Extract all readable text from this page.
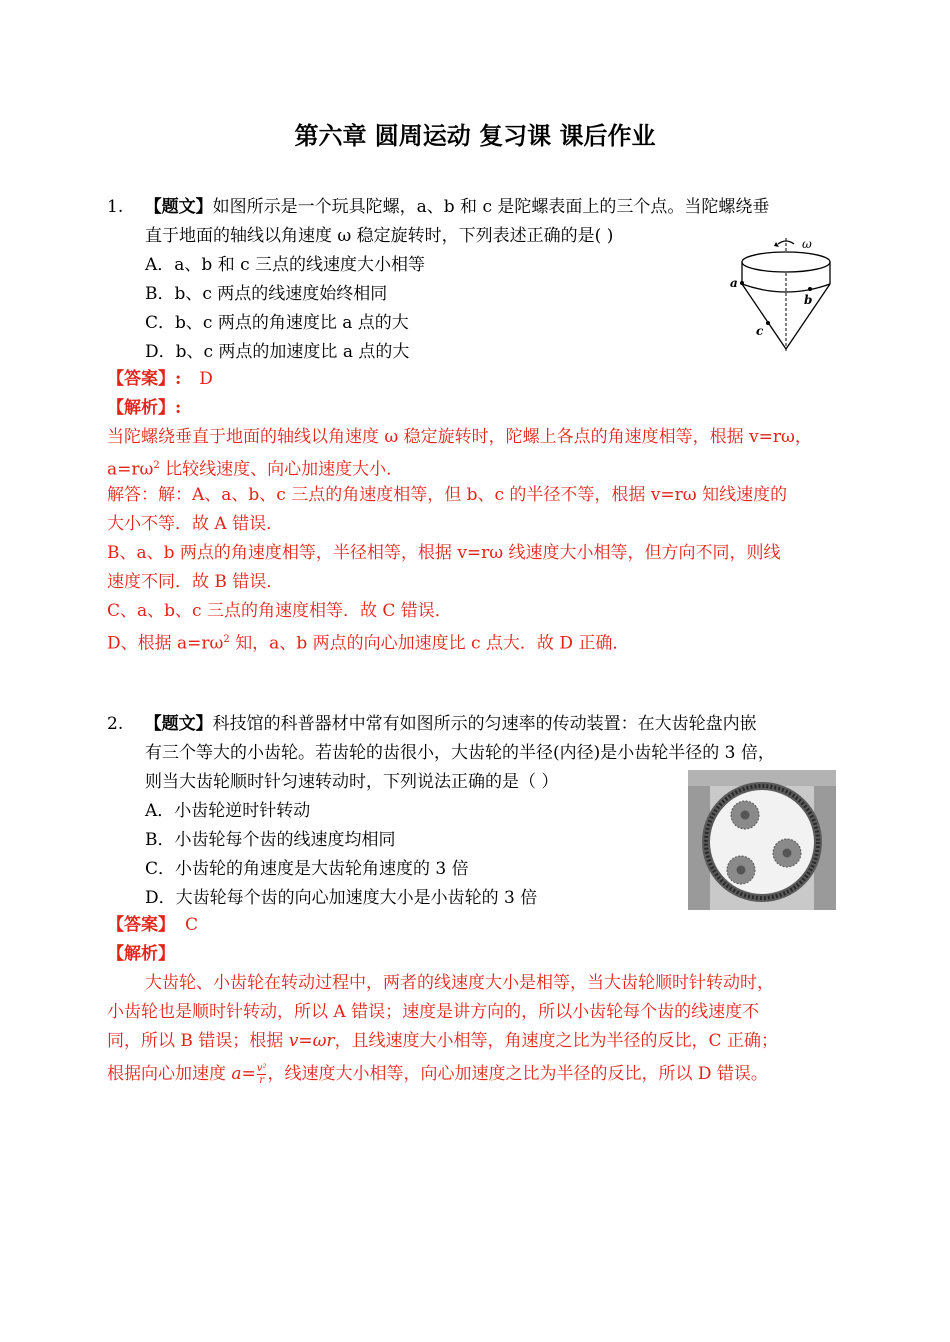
第六章 圆周运动 复习课 课后作业
1. 【题文】如图所示是一个玩具陀螺，a、b 和 c 是陀螺表面上的三个点。当陀螺绕垂
直于地面的轴线以角速度 ω 稳定旋转时，下列表述正确的是( )
A．a、b 和 c 三点的线速度大小相等
B．b、c 两点的线速度始终相同
C．b、c 两点的角速度比 a 点的大
D．b、c 两点的加速度比 a 点的大
ω
a
b
c
【答案】: D
【解析】:
当陀螺绕垂直于地面的轴线以角速度 ω 稳定旋转时，陀螺上各点的角速度相等，根据 v=rω，
$a=r\omega^2$ 比较线速度、向心加速度大小．
解答：解：A、a、b、c 三点的角速度相等，但 b、c 的半径不等，根据 v=rω 知线速度的
大小不等．故 A 错误．
B、a、b 两点的角速度相等，半径相等，根据 v=rω 线速度大小相等，但方向不同，则线
速度不同．故 B 错误．
C、a、b、c 三点的角速度相等．故 C 错误．
D、根据 $a=r\omega^2$ 知，a、b 两点的向心加速度比 c 点大．故 D 正确．
2. 【题文】科技馆的科普器材中常有如图所示的匀速率的传动装置：在大齿轮盘内嵌
有三个等大的小齿轮。若齿轮的齿很小，大齿轮的半径(内径)是小齿轮半径的 3 倍，
则当大齿轮顺时针匀速转动时，下列说法正确的是（ ）
A．小齿轮逆时针转动
B．小齿轮每个齿的线速度均相同
C．小齿轮的角速度是大齿轮角速度的 3 倍
D．大齿轮每个齿的向心加速度大小是小齿轮的 3 倍
【答案】 C
【解析】
大齿轮、小齿轮在转动过程中，两者的线速度大小是相等，当大齿轮顺时针转动时，
小齿轮也是顺时针转动，所以 A 错误；速度是讲方向的，所以小齿轮每个齿的线速度不
同，所以 B 错误；根据 v=ωr，且线速度大小相等，角速度之比为半径的反比，C 正确；
根据向心加速度 $a= \frac{\text{v²}}{r}$ ，线速度大小相等，向心加速度之比为半径的反比，所以 D 错误。
